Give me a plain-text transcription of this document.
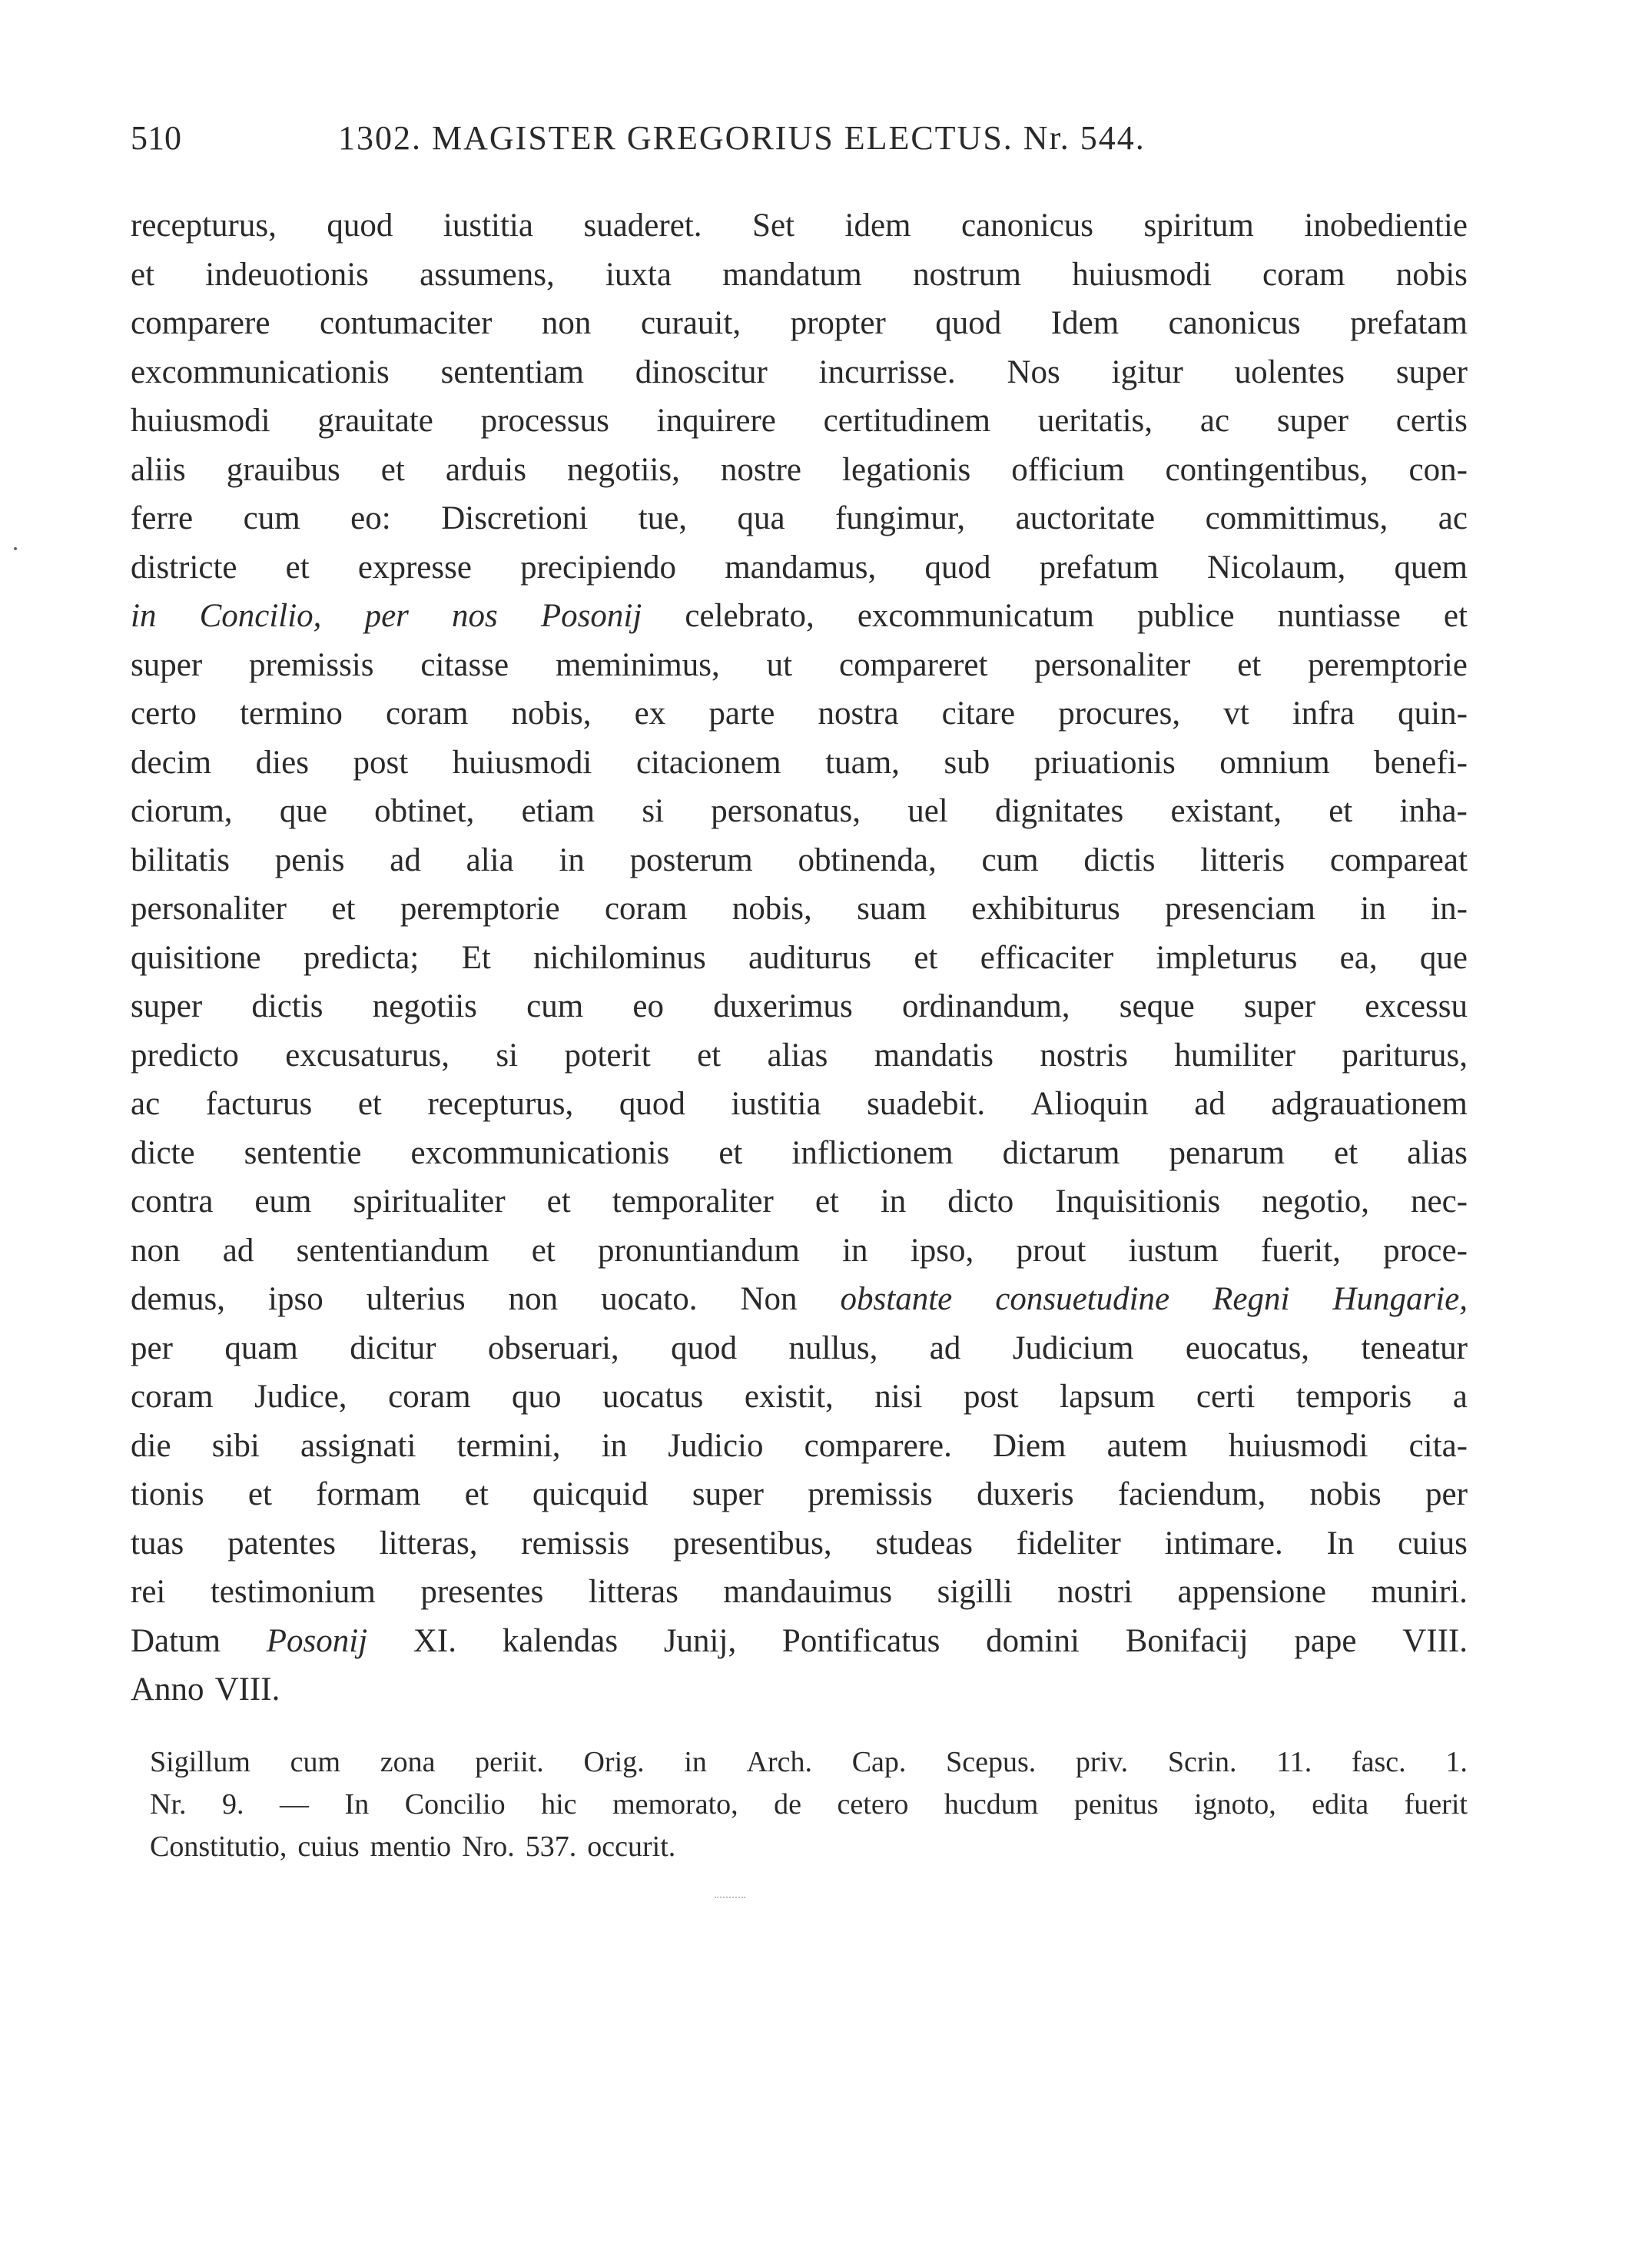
510	1302. MAGISTER GREGORIUS ELECTUS. Nr. 544.
recepturus, quod iustitia suaderet. Set idem canonicus spiritum inobedientie
et indeuotionis assumens, iuxta mandatum nostrum huiusmodi coram nobis
comparere contumaciter non curauit, propter quod Idem canonicus prefatam
excommunicationis sententiam dinoscitur incurrisse. Nos igitur uolentes super
huiusmodi grauitate processus inquirere certitudinem ueritatis, ac super certis
aliis grauibus et arduis negotiis, nostre legationis officium contingentibus, con-
ferre cum eo: Discretioni tue, qua fungimur, auctoritate committimus, ac
districte et expresse precipiendo mandamus, quod prefatum Nicolaum, quem
in Concilio, per nos Posonij celebrato, excommunicatum publice nuntiasse et
super premissis citasse meminimus, ut compareret personaliter et peremptorie
certo termino coram nobis, ex parte nostra citare procures, vt infra quin-
decim dies post huiusmodi citacionem tuam, sub priuationis omnium benefi-
ciorum, que obtinet, etiam si personatus, uel dignitates existant, et inha-
bilitatis penis ad alia in posterum obtinenda, cum dictis litteris compareat
personaliter et peremptorie coram nobis, suam exhibiturus presenciam in in-
quisitione predicta; Et nichilominus auditurus et efficaciter impleturus ea, que
super dictis negotiis cum eo duxerimus ordinandum, seque super excessu
predicto excusaturus, si poterit et alias mandatis nostris humiliter pariturus,
ac facturus et recepturus, quod iustitia suadebit. Alioquin ad adgrauationem
dicte sententie excommunicationis et inflictionem dictarum penarum et alias
contra eum spiritualiter et temporaliter et in dicto Inquisitionis negotio, nec-
non ad sententiandum et pronuntiandum in ipso, prout iustum fuerit, proce-
demus, ipso ulterius non uocato. Non obstante consuetudine Regni Hungarie,
per quam dicitur obseruari, quod nullus, ad Judicium euocatus, teneatur
coram Judice, coram quo uocatus existit, nisi post lapsum certi temporis a
die sibi assignati termini, in Judicio comparere. Diem autem huiusmodi cita-
tionis et formam et quicquid super premissis duxeris faciendum, nobis per
tuas patentes litteras, remissis presentibus, studeas fideliter intimare. In cuius
rei testimonium presentes litteras mandauimus sigilli nostri appensione muniri.
Datum Posonij XI. kalendas Junij, Pontificatus domini Bonifacij pape VIII.
Anno VIII.
Sigillum cum zona periit. Orig. in Arch. Cap. Scepus. priv. Scrin. 11. fasc. 1.
Nr. 9. — In Concilio hic memorato, de cetero hucdum penitus ignoto, edita fuerit
Constitutio, cuius mentio Nro. 537. occurit.
